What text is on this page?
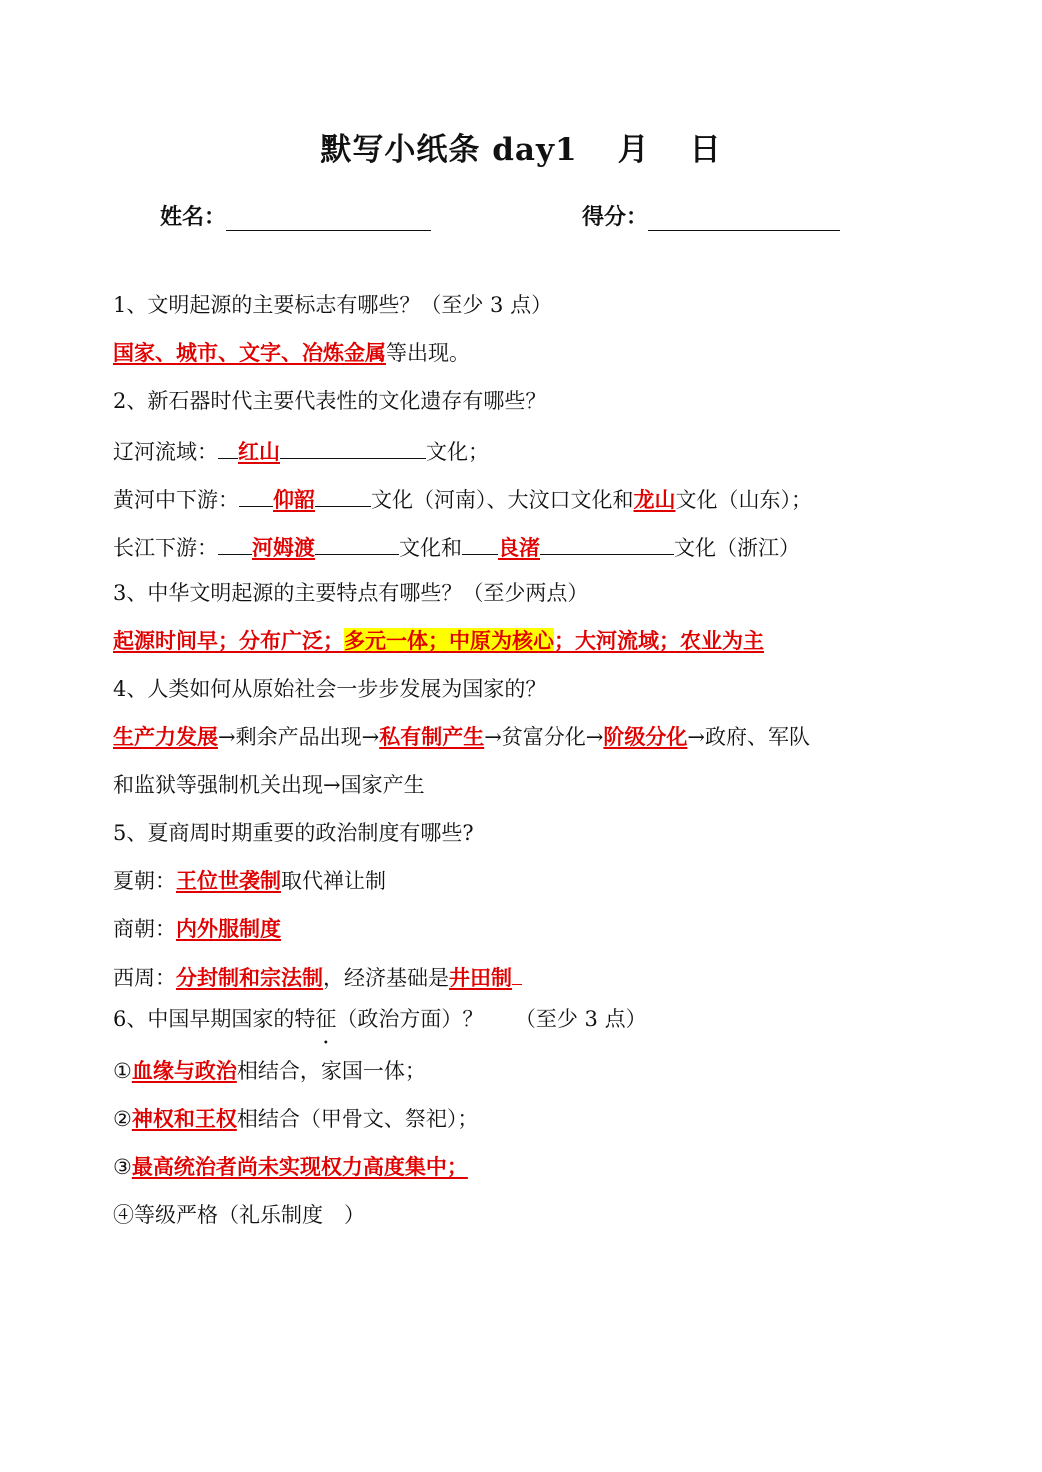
默写小纸条 day1 月 日
姓名：	得分：
1、文明起源的主要标志有哪些？（至少 3 点）
国家、城市、文字、冶炼金属等出现。
2、新石器时代主要代表性的文化遗存有哪些？
辽河流域： 红山	文化；
黄河中下游： 仰韶	文化（河南）、大汶口文化和龙山文化（山东）；
长江下游： 河姆渡	文化和 良渚	文化（浙江）
3、中华文明起源的主要特点有哪些？（至少两点）
起源时间早；分布广泛；多元一体；中原为核心；大河流域；农业为主
4、人类如何从原始社会一步步发展为国家的？
生产力发展→剩余产品出现→私有制产生→贫富分化→阶级分化→政府、军队
和监狱等强制机关出现→国家产生
5、夏商周时期重要的政治制度有哪些?
夏朝：王位世袭制取代禅让制
商朝：内外服制度
西周：分封制和宗法制，经济基础是井田制
6、中国早期国家的特征（政治方面）？　　（至少 3 点）
①血缘与政治相结合，家国一体；
②神权和王权相结合（甲骨文、祭祀）；
③最高统治者尚未实现权力高度集中；
④等级严格（礼乐制度　）
